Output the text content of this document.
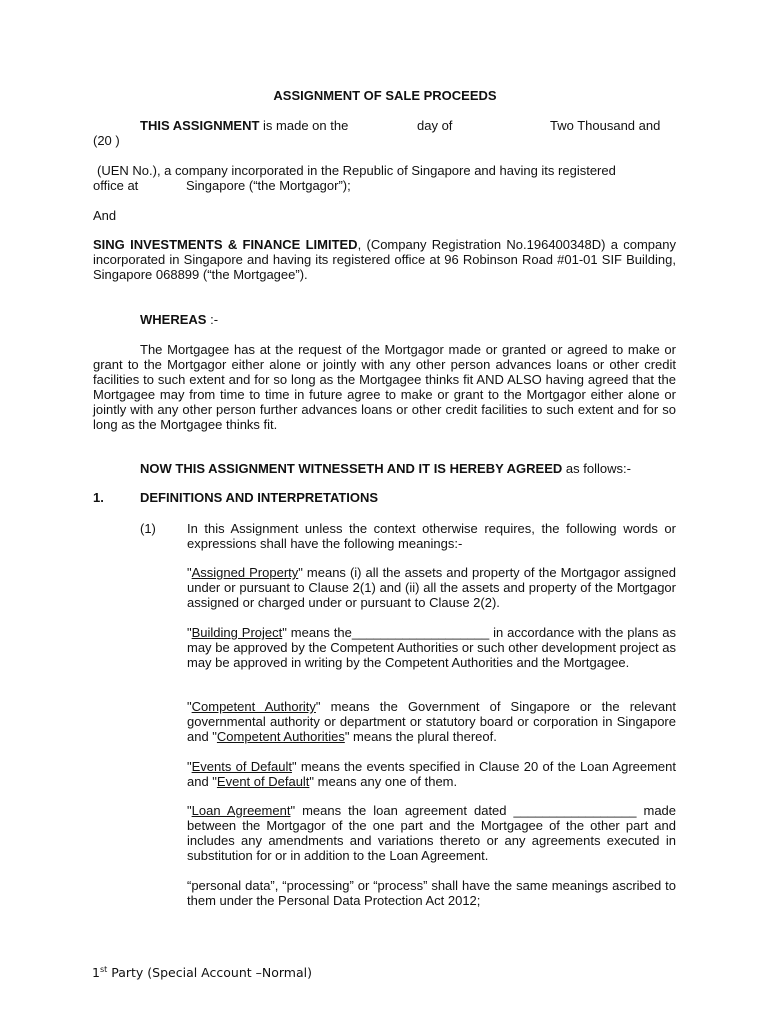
ASSIGNMENT OF SALE PROCEEDS

THIS ASSIGNMENT is made on the	day of	Two Thousand and

(20 )

(UEN No.), a company incorporated in the Republic of Singapore and having its registered

office at	Singapore (“the Mortgagor”);

And

SING INVESTMENTS & FINANCE LIMITED, (Company Registration No.196400348D) a company incorporated in Singapore and having its registered office at 96 Robinson Road #01-01 SIF Building, Singapore 068899 (“the Mortgagee”).

WHEREAS :-

The Mortgagee has at the request of the Mortgagor made or granted or agreed to make or grant to the Mortgagor either alone or jointly with any other person advances loans or other credit facilities to such extent and for so long as the Mortgagee thinks fit AND ALSO having agreed that the Mortgagee may from time to time in future agree to make or grant to the Mortgagor either alone or jointly with any other person further advances loans or other credit facilities to such extent and for so long as the Mortgagee thinks fit.

NOW THIS ASSIGNMENT WITNESSETH AND IT IS HEREBY AGREED as follows:-

1.	DEFINITIONS AND INTERPRETATIONS

(1) In this Assignment unless the context otherwise requires, the following words or expressions shall have the following meanings:-

"Assigned Property" means (i) all the assets and property of the Mortgagor assigned under or pursuant to Clause 2(1) and (ii) all the assets and property of the Mortgagor assigned or charged under or pursuant to Clause 2(2).

"Building Project" means the___________________ in accordance with the plans as may be approved by the Competent Authorities or such other development project as may be approved in writing by the Competent Authorities and the Mortgagee.

"Competent Authority" means the Government of Singapore or the relevant governmental authority or department or statutory board or corporation in Singapore and "Competent Authorities" means the plural thereof.

"Events of Default" means the events specified in Clause 20 of the Loan Agreement and "Event of Default" means any one of them.

"Loan Agreement" means the loan agreement dated _________________ made between the Mortgagor of the one part and the Mortgagee of the other part and includes any amendments and variations thereto or any agreements executed in substitution for or in addition to the Loan Agreement.

“personal data”, “processing” or “process” shall have the same meanings ascribed to them under the Personal Data Protection Act 2012;

1st Party (Special Account –Normal)
